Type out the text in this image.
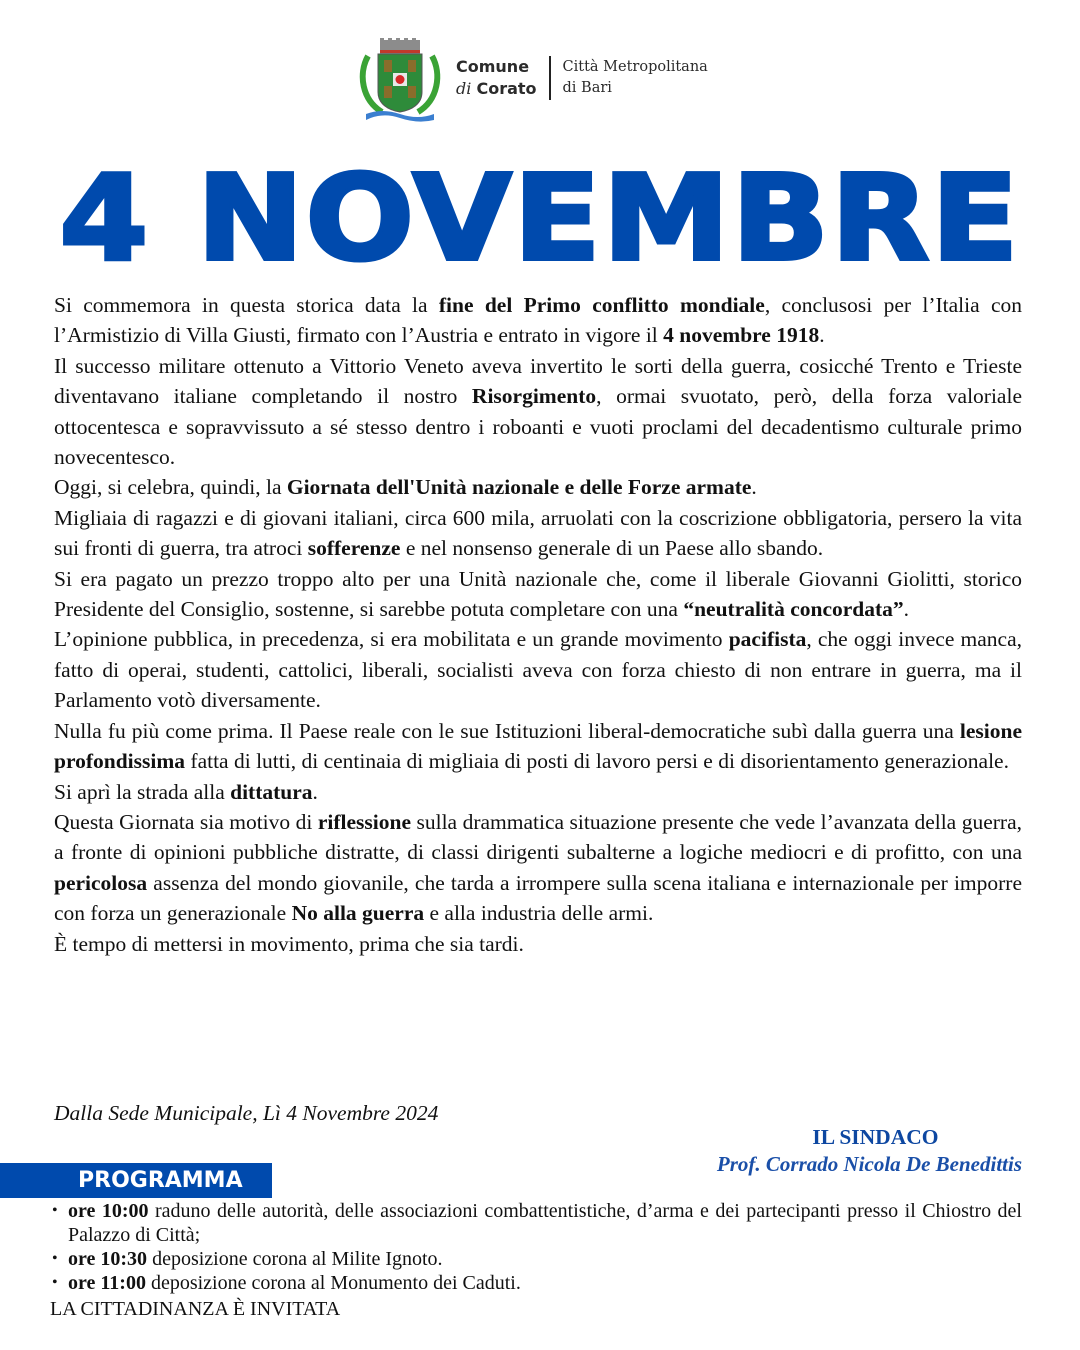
Comune
di Corato
Città Metropolitana
di Bari
4 NOVEMBRE

Si commemora in questa storica data la fine del Primo conflitto mondiale, conclusosi per l’Italia con l’Armistizio di Villa Giusti, firmato con l’Austria e entrato in vigore il 4 novembre 1918.

Il successo militare ottenuto a Vittorio Veneto aveva invertito le sorti della guerra, cosicché Trento e Trieste diventavano italiane completando il nostro Risorgimento, ormai svuotato, però, della forza valoriale ottocentesca e sopravvissuto a sé stesso dentro i roboanti e vuoti proclami del decadentismo culturale primo novecentesco.

Oggi, si celebra, quindi, la Giornata dell'Unità nazionale e delle Forze armate.

Migliaia di ragazzi e di giovani italiani, circa 600 mila, arruolati con la coscrizione obbligatoria, persero la vita sui fronti di guerra, tra atroci sofferenze e nel nonsenso generale di un Paese allo sbando.

Si era pagato un prezzo troppo alto per una Unità nazionale che, come il liberale Giovanni Giolitti, storico Presidente del Consiglio, sostenne, si sarebbe potuta completare con una “neutralità concordata”.

L’opinione pubblica, in precedenza, si era mobilitata e un grande movimento pacifista, che oggi invece manca, fatto di operai, studenti, cattolici, liberali, socialisti aveva con forza chiesto di non entrare in guerra, ma il Parlamento votò diversamente.

Nulla fu più come prima. Il Paese reale con le sue Istituzioni liberal-democratiche subì dalla guerra una lesione profondissima fatta di lutti, di centinaia di migliaia di posti di lavoro persi e di disorientamento generazionale.

Si aprì la strada alla dittatura.

Questa Giornata sia motivo di riflessione sulla drammatica situazione presente che vede l’avanzata della guerra, a fronte di opinioni pubbliche distratte, di classi dirigenti subalterne a logiche mediocri e di profitto, con una pericolosa assenza del mondo giovanile, che tarda a irrompere sulla scena italiana e internazionale per imporre con forza un generazionale No alla guerra e alla industria delle armi.

È tempo di mettersi in movimento, prima che sia tardi.

Dalla Sede Municipale, Lì 4 Novembre 2024
IL SINDACO
Prof. Corrado Nicola De Benedittis
PROGRAMMA
• ore 10:00 raduno delle autorità, delle associazioni combattentistiche, d’arma e dei partecipanti presso il Chiostro del Palazzo di Città;
• ore 10:30 deposizione corona al Milite Ignoto.
• ore 11:00 deposizione corona al Monumento dei Caduti.
LA CITTADINANZA È INVITATA
